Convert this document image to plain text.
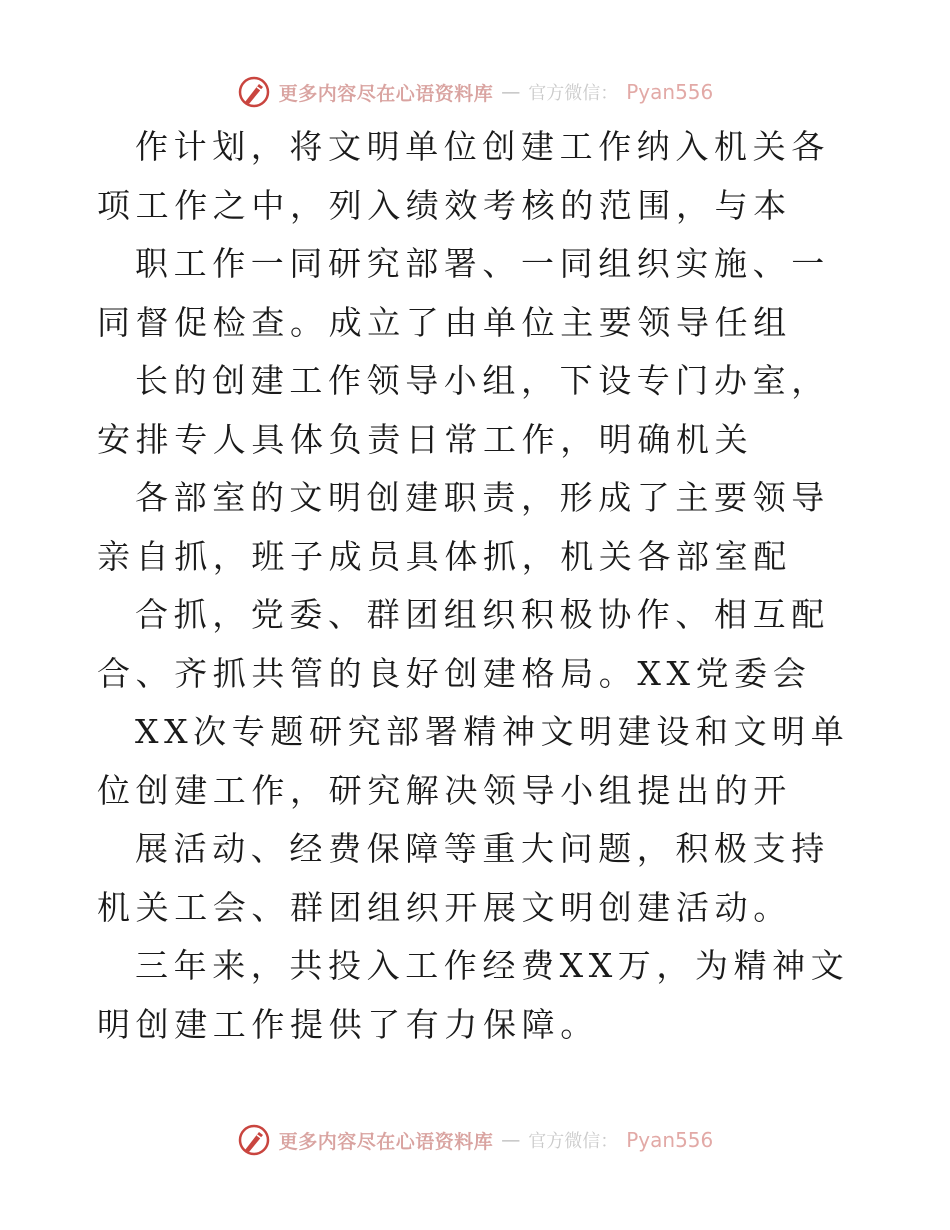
更多内容尽在心语资料库 — 官方微信： Pyan556

作计划，将文明单位创建工作纳入机关各项工作之中，列入绩效考核的范围，与本

职工作一同研究部署、一同组织实施、一同督促检查。成立了由单位主要领导任组

长的创建工作领导小组，下设专门办室，安排专人具体负责日常工作，明确机关

各部室的文明创建职责，形成了主要领导亲自抓，班子成员具体抓，机关各部室配

合抓，党委、群团组织积极协作、相互配合、齐抓共管的良好创建格局。XX党委会

XX次专题研究部署精神文明建设和文明单位创建工作，研究解决领导小组提出的开

展活动、经费保障等重大问题，积极支持机关工会、群团组织开展文明创建活动。

三年来，共投入工作经费XX万，为精神文明创建工作提供了有力保障。

更多内容尽在心语资料库 — 官方微信： Pyan556
